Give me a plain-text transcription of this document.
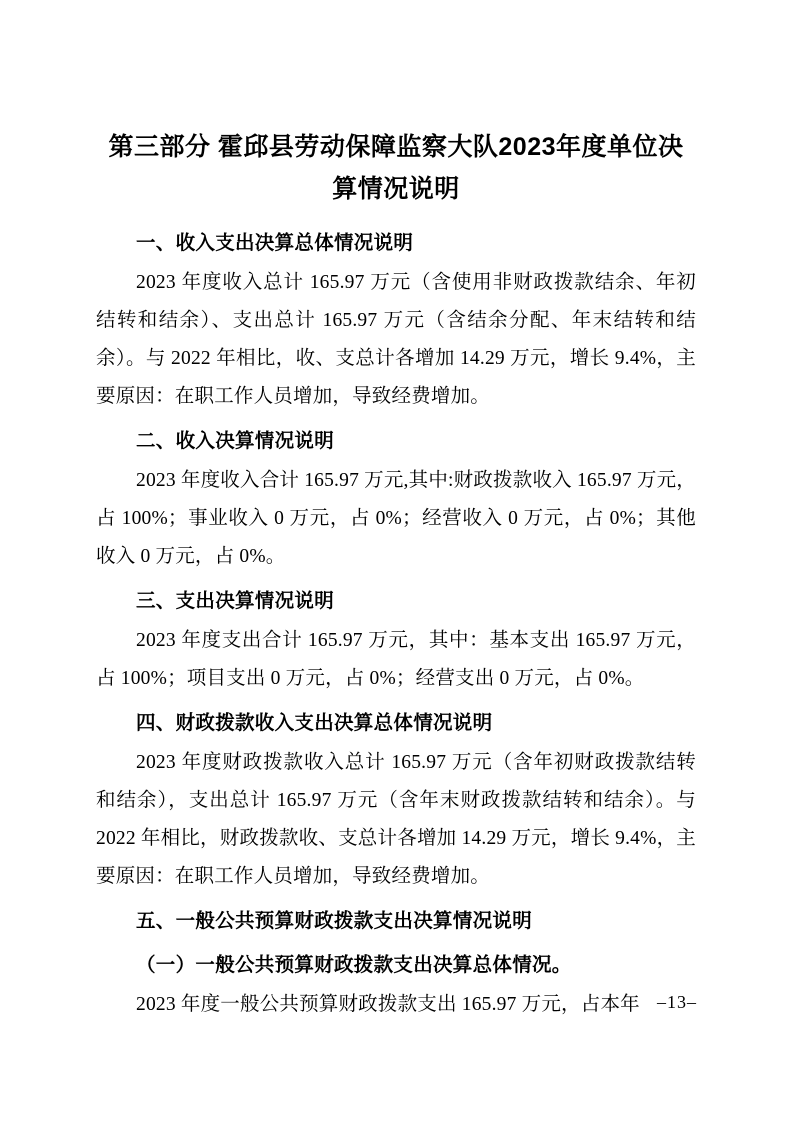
第三部分 霍邱县劳动保障监察大队2023年度单位决算情况说明
一、收入支出决算总体情况说明

2023 年度收入总计 165.97 万元（含使用非财政拨款结余、年初结转和结余）、支出总计 165.97 万元（含结余分配、年末结转和结余）。与 2022 年相比，收、支总计各增加 14.29 万元，增长 9.4%，主要原因：在职工作人员增加，导致经费增加。

二、收入决算情况说明

2023 年度收入合计 165.97 万元,其中:财政拨款收入 165.97 万元，占 100%；事业收入 0 万元，占 0%；经营收入 0 万元，占 0%；其他收入 0 万元，占 0%。

三、支出决算情况说明

2023 年度支出合计 165.97 万元，其中：基本支出 165.97 万元，占 100%；项目支出 0 万元，占 0%；经营支出 0 万元，占 0%。

四、财政拨款收入支出决算总体情况说明

2023 年度财政拨款收入总计 165.97 万元（含年初财政拨款结转和结余），支出总计 165.97 万元（含年末财政拨款结转和结余）。与 2022 年相比，财政拨款收、支总计各增加 14.29 万元，增长 9.4%，主要原因：在职工作人员增加，导致经费增加。

五、一般公共预算财政拨款支出决算情况说明
（一）一般公共预算财政拨款支出决算总体情况。

2023 年度一般公共预算财政拨款支出 165.97 万元，占本年 –13–
